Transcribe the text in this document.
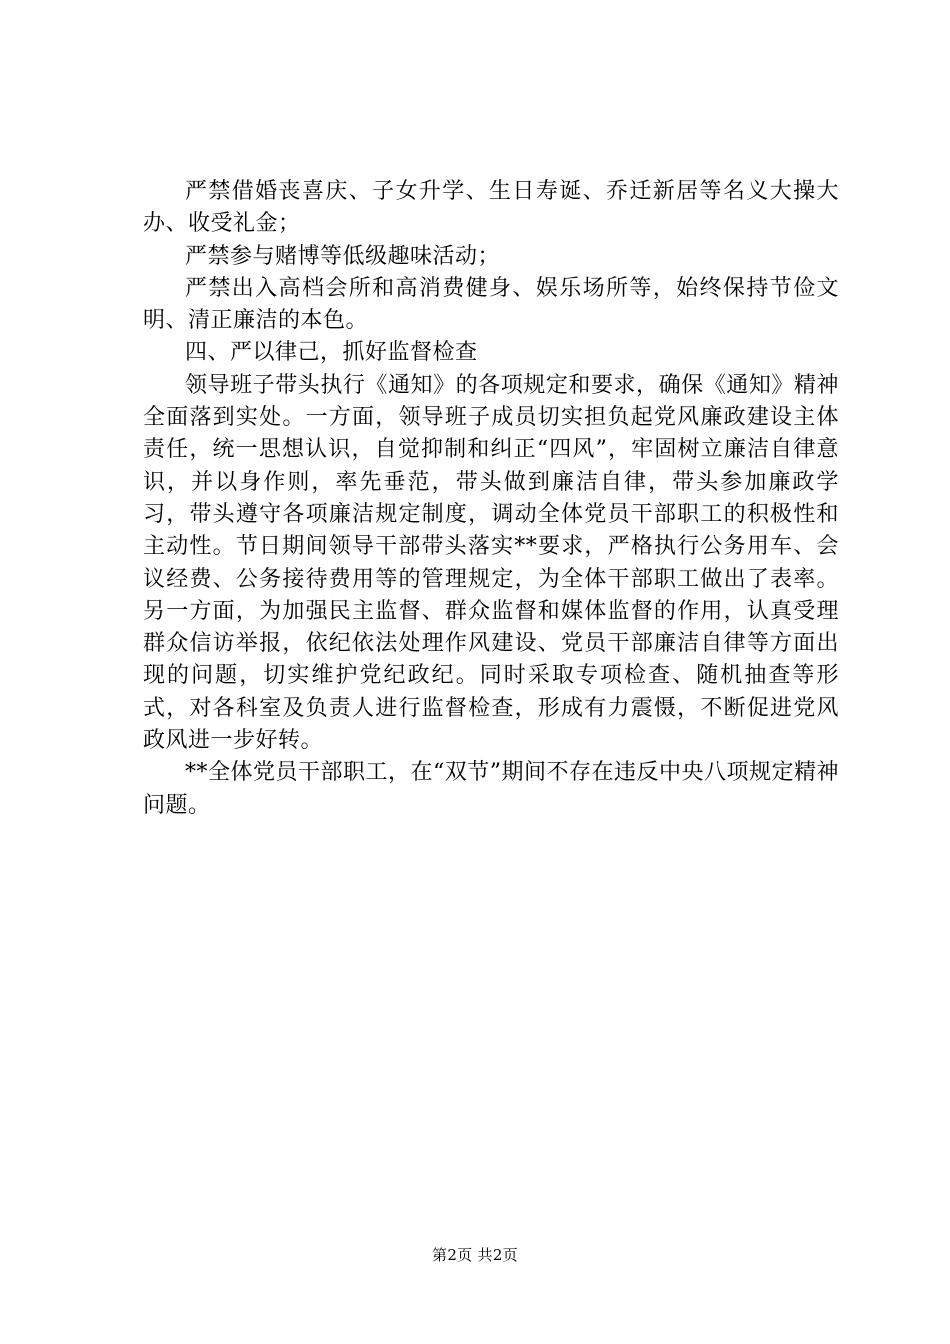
严禁借婚丧喜庆、子女升学、生日寿诞、乔迁新居等名义大操大办、收受礼金；

严禁参与赌博等低级趣味活动；

严禁出入高档会所和高消费健身、娱乐场所等，始终保持节俭文明、清正廉洁的本色。

四、严以律己，抓好监督检查

领导班子带头执行《通知》的各项规定和要求，确保《通知》精神全面落到实处。一方面，领导班子成员切实担负起党风廉政建设主体责任，统一思想认识，自觉抑制和纠正“四风”，牢固树立廉洁自律意识，并以身作则，率先垂范，带头做到廉洁自律，带头参加廉政学习，带头遵守各项廉洁规定制度，调动全体党员干部职工的积极性和主动性。节日期间领导干部带头落实**要求，严格执行公务用车、会议经费、公务接待费用等的管理规定，为全体干部职工做出了表率。另一方面，为加强民主监督、群众监督和媒体监督的作用，认真受理群众信访举报，依纪依法处理作风建设、党员干部廉洁自律等方面出现的问题，切实维护党纪政纪。同时采取专项检查、随机抽查等形式，对各科室及负责人进行监督检查，形成有力震慑，不断促进党风政风进一步好转。

**全体党员干部职工，在“双节”期间不存在违反中央八项规定精神问题。

第2页 共2页
